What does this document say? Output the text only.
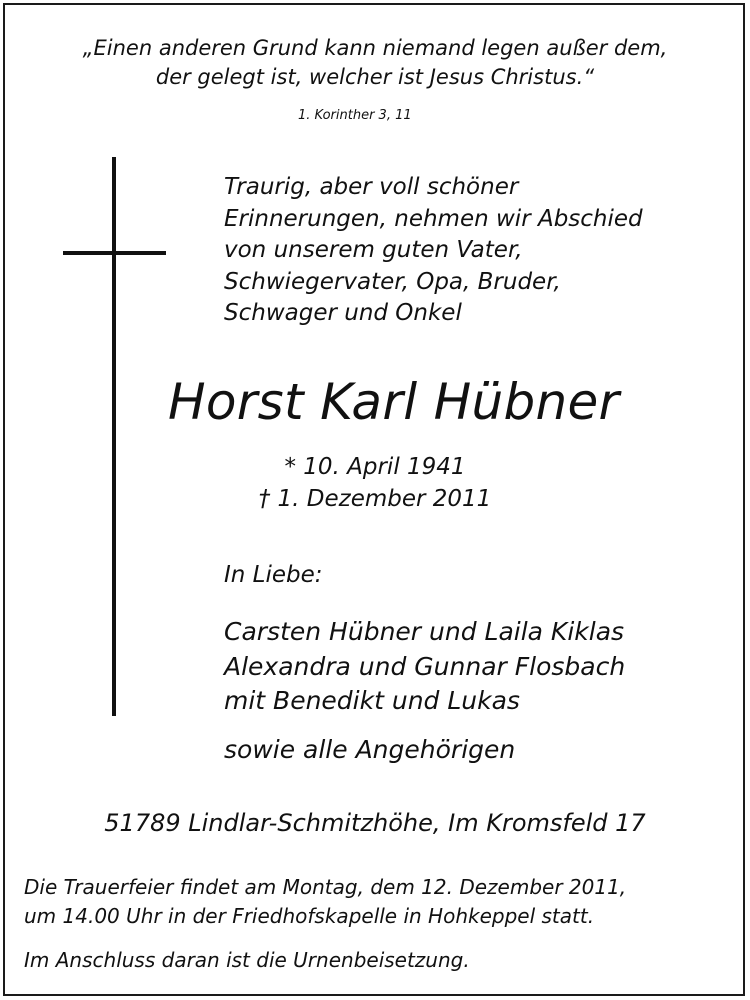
„Einen anderen Grund kann niemand legen außer dem,
der gelegt ist, welcher ist Jesus Christus.“
1. Korinther 3, 11
Traurig, aber voll schöner
Erinnerungen, nehmen wir Abschied
von unserem guten Vater,
Schwiegervater, Opa, Bruder,
Schwager und Onkel
Horst Karl Hübner
* 10. April 1941
† 1. Dezember 2011
In Liebe:
Carsten Hübner und Laila Kiklas
Alexandra und Gunnar Flosbach
mit Benedikt und Lukas
sowie alle Angehörigen
51789 Lindlar-Schmitzhöhe, Im Kromsfeld 17
Die Trauerfeier findet am Montag, dem 12. Dezember 2011,
um 14.00 Uhr in der Friedhofskapelle in Hohkeppel statt.
Im Anschluss daran ist die Urnenbeisetzung.
